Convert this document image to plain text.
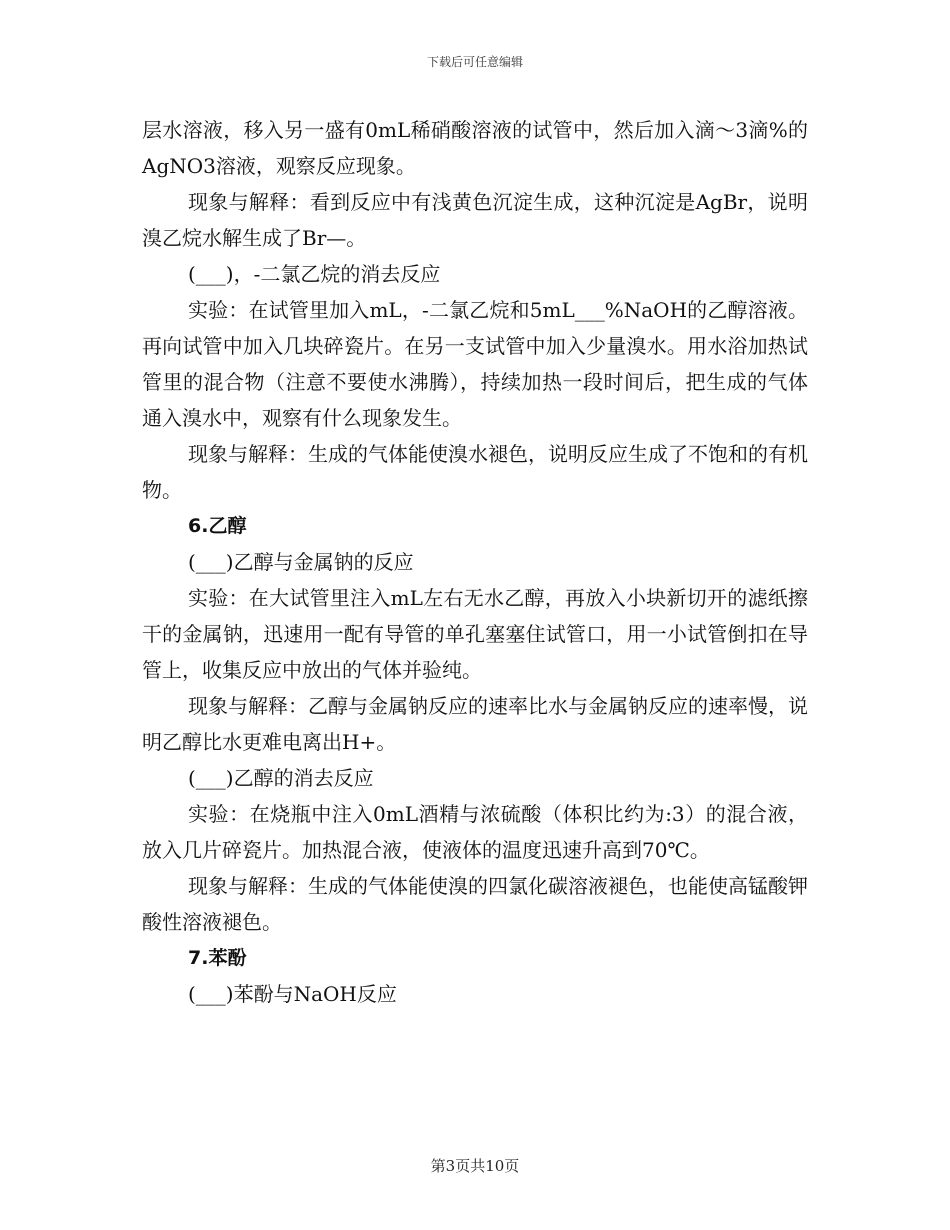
下载后可任意编辑

层水溶液，移入另一盛有0mL稀硝酸溶液的试管中，然后加入滴～3滴%的AgNO3溶液，观察反应现象。

现象与解释：看到反应中有浅黄色沉淀生成，这种沉淀是AgBr，说明溴乙烷水解生成了Br—。

(___)，-二氯乙烷的消去反应

实验：在试管里加入mL，-二氯乙烷和5mL___%NaOH的乙醇溶液。再向试管中加入几块碎瓷片。在另一支试管中加入少量溴水。用水浴加热试管里的混合物（注意不要使水沸腾），持续加热一段时间后，把生成的气体通入溴水中，观察有什么现象发生。

现象与解释：生成的气体能使溴水褪色，说明反应生成了不饱和的有机物。

6.乙醇

(___)乙醇与金属钠的反应

实验：在大试管里注入mL左右无水乙醇，再放入小块新切开的滤纸擦干的金属钠，迅速用一配有导管的单孔塞塞住试管口，用一小试管倒扣在导管上，收集反应中放出的气体并验纯。

现象与解释：乙醇与金属钠反应的速率比水与金属钠反应的速率慢，说明乙醇比水更难电离出H+。

(___)乙醇的消去反应

实验：在烧瓶中注入0mL酒精与浓硫酸（体积比约为:3）的混合液，放入几片碎瓷片。加热混合液，使液体的温度迅速升高到70℃。

现象与解释：生成的气体能使溴的四氯化碳溶液褪色，也能使高锰酸钾酸性溶液褪色。

7.苯酚

(___)苯酚与NaOH反应

第3页共10页
